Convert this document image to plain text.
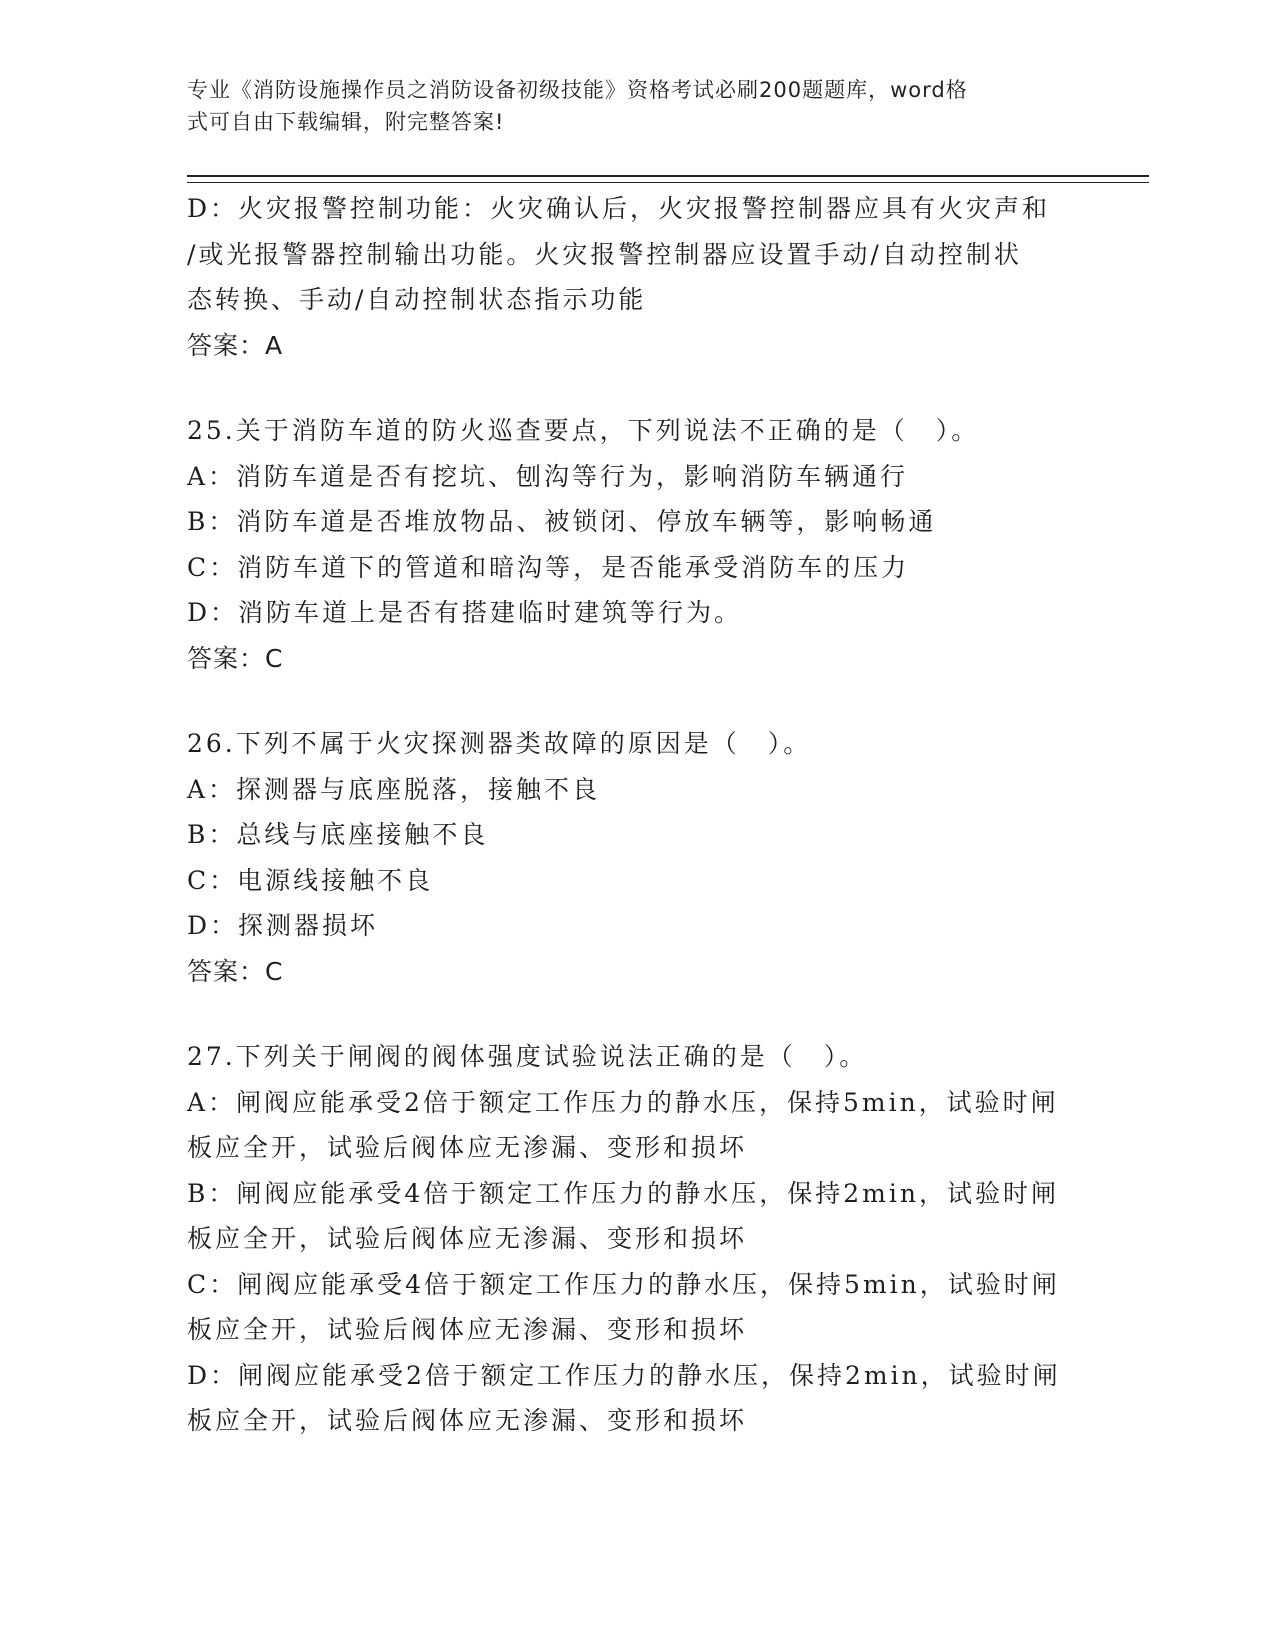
专业《消防设施操作员之消防设备初级技能》资格考试必刷200题题库，word格
式可自由下载编辑，附完整答案!
D：火灾报警控制功能：火灾确认后，火灾报警控制器应具有火灾声和
/或光报警器控制输出功能。火灾报警控制器应设置手动/自动控制状
态转换、手动/自动控制状态指示功能
答案：A
25.关于消防车道的防火巡查要点，下列说法不正确的是（　）。
A：消防车道是否有挖坑、刨沟等行为，影响消防车辆通行
B：消防车道是否堆放物品、被锁闭、停放车辆等，影响畅通
C：消防车道下的管道和暗沟等，是否能承受消防车的压力
D：消防车道上是否有搭建临时建筑等行为。
答案：C
26.下列不属于火灾探测器类故障的原因是（　）。
A：探测器与底座脱落，接触不良
B：总线与底座接触不良
C：电源线接触不良
D：探测器损坏
答案：C
27.下列关于闸阀的阀体强度试验说法正确的是（　）。
A：闸阀应能承受2倍于额定工作压力的静水压，保持5min，试验时闸
板应全开，试验后阀体应无渗漏、变形和损坏
B：闸阀应能承受4倍于额定工作压力的静水压，保持2min，试验时闸
板应全开，试验后阀体应无渗漏、变形和损坏
C：闸阀应能承受4倍于额定工作压力的静水压，保持5min，试验时闸
板应全开，试验后阀体应无渗漏、变形和损坏
D：闸阀应能承受2倍于额定工作压力的静水压，保持2min，试验时闸
板应全开，试验后阀体应无渗漏、变形和损坏
